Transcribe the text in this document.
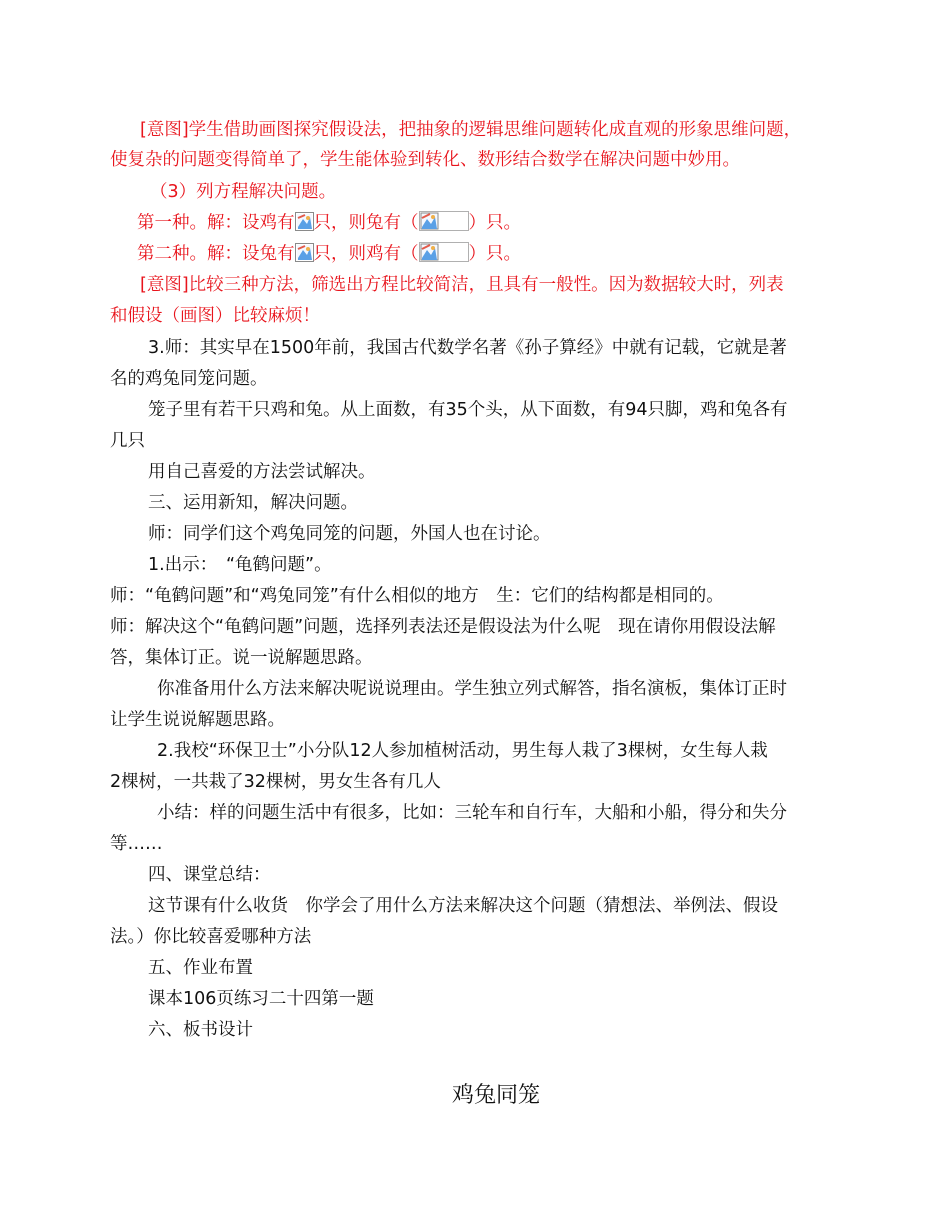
[意图]学生借助画图探究假设法，把抽象的逻辑思维问题转化成直观的形象思维问题，
使复杂的问题变得简单了，学生能体验到转化、数形结合数学在解决问题中妙用。
（3）列方程解决问题。
第一种。解：设鸡有 只，则兔有（	）只。
第二种。解：设兔有 只，则鸡有（	）只。
[意图]比较三种方法，筛选出方程比较简洁，且具有一般性。因为数据较大时，列表
和假设（画图）比较麻烦！
3.师：其实早在1500年前，我国古代数学名著《孙子算经》中就有记载，它就是著
名的鸡兔同笼问题。
笼子里有若干只鸡和兔。从上面数，有35个头，从下面数，有94只脚，鸡和兔各有
几只
用自己喜爱的方法尝试解决。
三、运用新知，解决问题。
师：同学们这个鸡兔同笼的问题，外国人也在讨论。
1.出示：　“龟鹤问题”。
师：“龟鹤问题”和“鸡兔同笼”有什么相似的地方　生：它们的结构都是相同的。
师：解决这个“龟鹤问题”问题，选择列表法还是假设法为什么呢　现在请你用假设法解
答，集体订正。说一说解题思路。
你准备用什么方法来解决呢说说理由。学生独立列式解答，指名演板，集体订正时
让学生说说解题思路。
2.我校“环保卫士”小分队12人参加植树活动，男生每人栽了3棵树，女生每人栽
2棵树，一共栽了32棵树，男女生各有几人
小结：样的问题生活中有很多，比如：三轮车和自行车，大船和小船，得分和失分
等……
四、课堂总结：
这节课有什么收货　你学会了用什么方法来解决这个问题（猜想法、举例法、假设
法。）你比较喜爱哪种方法
五、作业布置
课本106页练习二十四第一题
六、板书设计
鸡兔同笼
